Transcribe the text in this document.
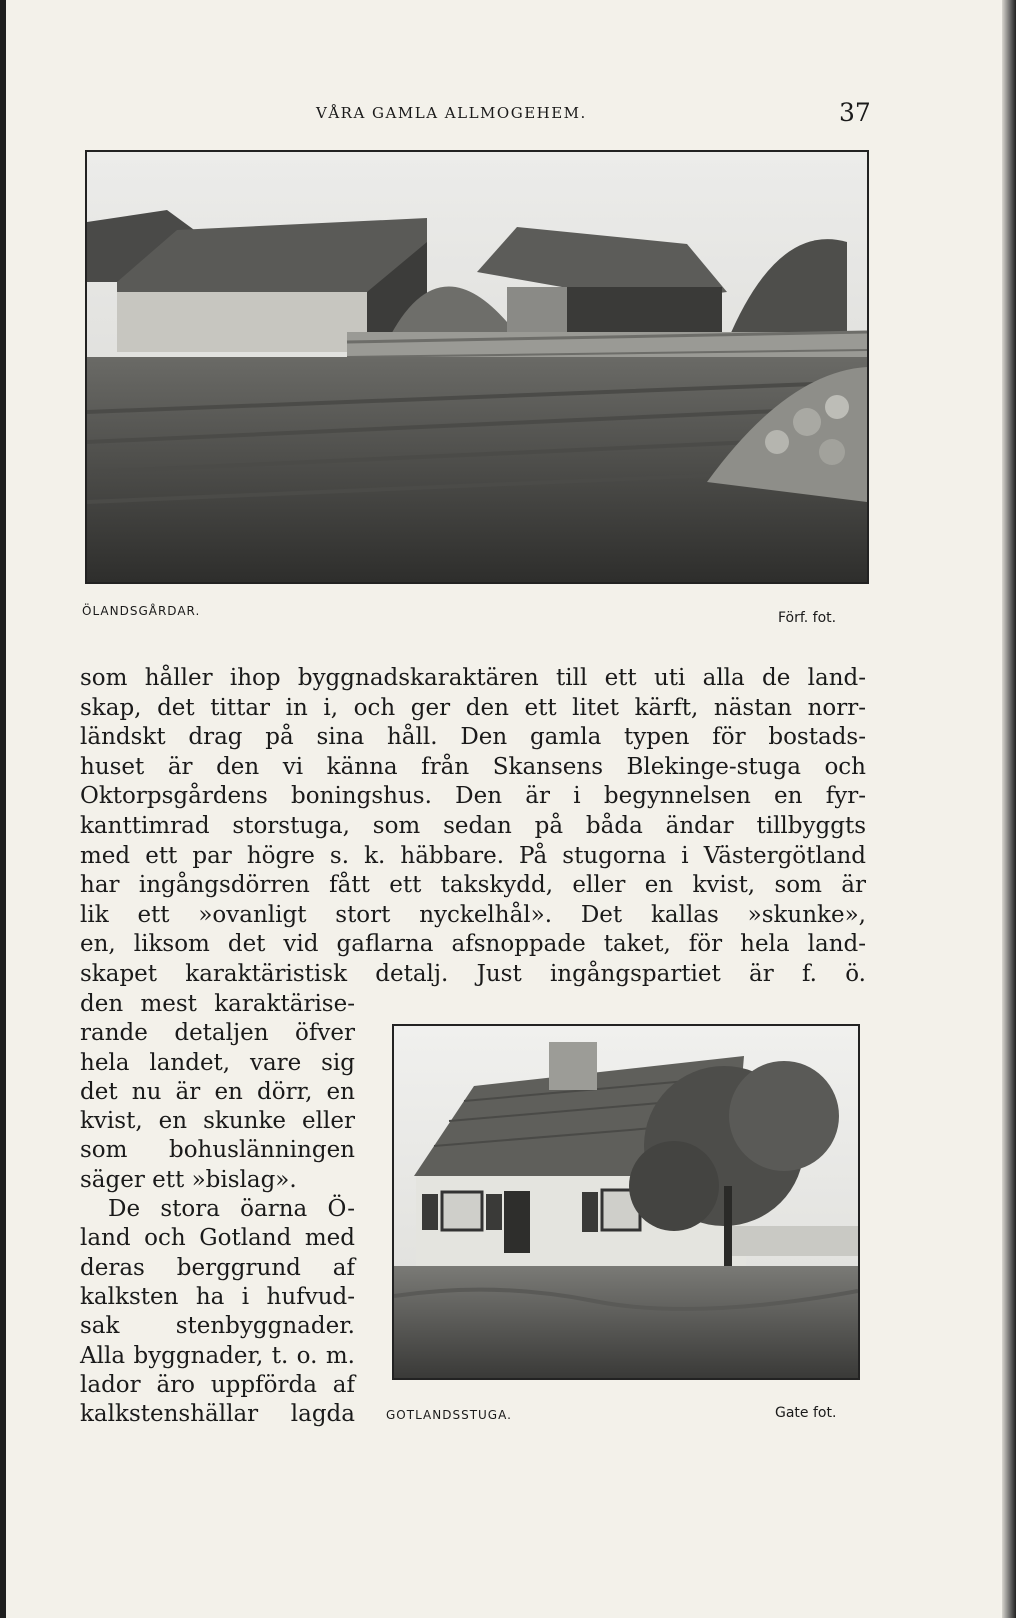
VÅRA GAMLA ALLMOGEHEM.	37
ÖLANDSGÅRDAR.	Förf. fot.
som håller ihop byggnadskaraktären till ett uti alla de land-
skap, det tittar in i, och ger den ett litet kärft, nästan norr-
ländskt drag på sina håll. Den gamla typen för bostads-
huset är den vi känna från Skansens Blekinge-stuga och
Oktorpsgårdens boningshus. Den är i begynnelsen en fyr-
kanttimrad storstuga, som sedan på båda ändar tillbyggts
med ett par högre s. k. häbbare. På stugorna i Västergötland
har ingångsdörren fått ett takskydd, eller en kvist, som är
lik ett »ovanligt stort nyckelhål». Det kallas »skunke»,
en, liksom det vid gaflarna afsnoppade taket, för hela land-
skapet karaktäristisk detalj. Just ingångspartiet är f. ö.
den mest karaktärise-
rande detaljen öfver
hela landet, vare sig
det nu är en dörr, en
kvist, en skunke eller
som bohuslänningen
säger ett »bislag».
De stora öarna Ö-
land och Gotland med
deras berggrund af
kalksten ha i hufvud-
sak stenbyggnader.
Alla byggnader, t. o. m.
lador äro uppförda af
kalkstenshällar lagda	GOTLANDSSTUGA.	Gate fot.
